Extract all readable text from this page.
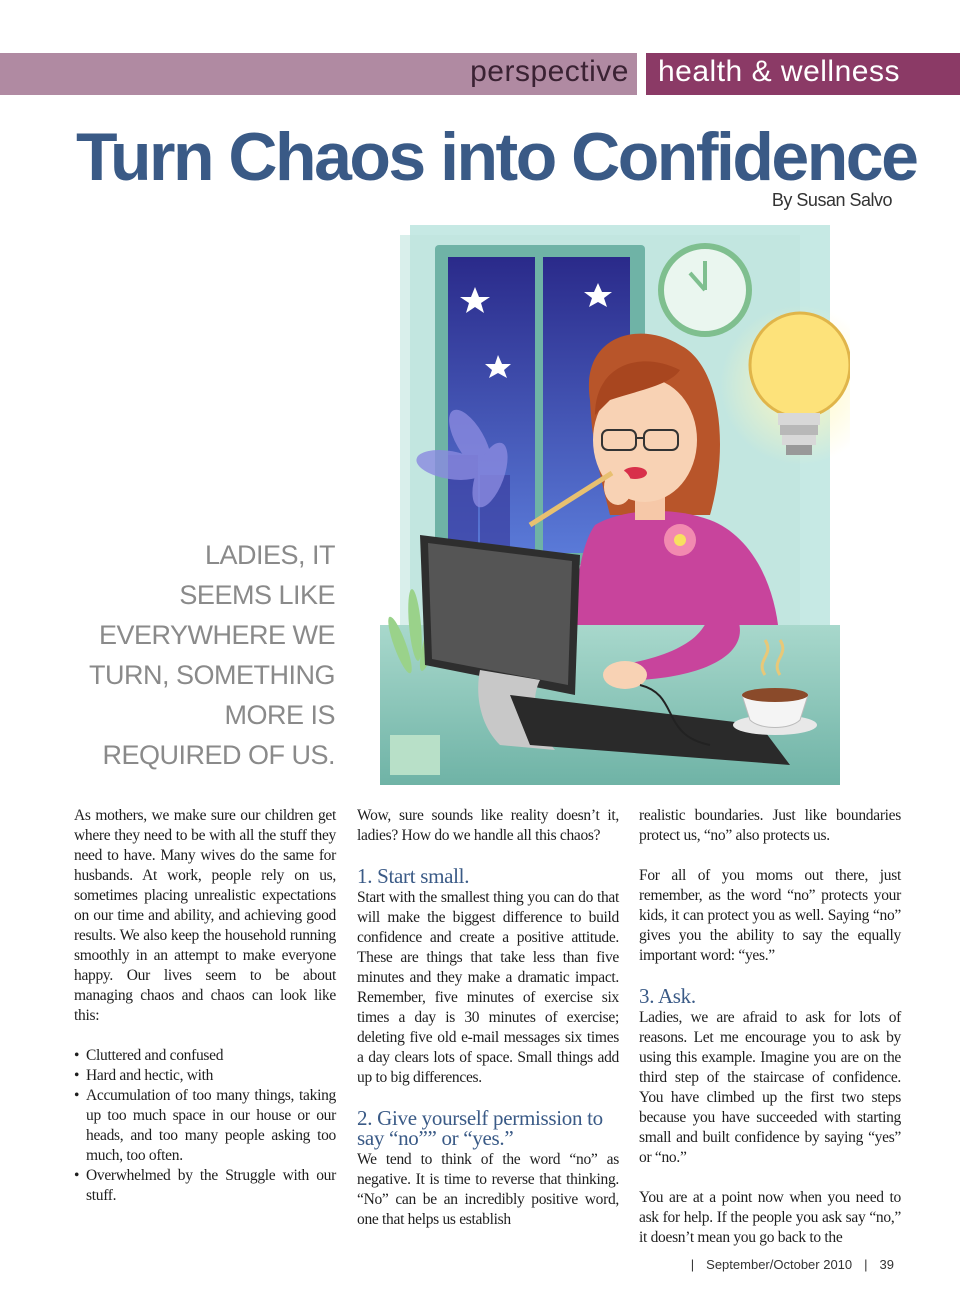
perspective health & wellness
Turn Chaos into Confidence
By Susan Salvo
LADIES, IT
SEEMS LIKE
EVERYWHERE WE
TURN, SOMETHING
MORE IS
REQUIRED OF US.

As mothers, we make sure our children get where they need to be with all the stuff they need to have. Many wives do the same for husbands. At work, people rely on us, sometimes placing unrealistic expectations on our time and ability, and achieving good results. We also keep the household running smoothly in an attempt to make everyone happy. Our lives seem to be about managing chaos and chaos can look like this:

• Cluttered and confused
• Hard and hectic, with
• Accumulation of too many things, taking up too much space in our house or our heads, and too many people asking too much, too often.
• Overwhelmed by the Struggle with our stuff.

Wow, sure sounds like reality doesn’t it, ladies? How do we handle all this chaos?

1. Start small.

Start with the smallest thing you can do that will make the biggest difference to build confidence and create a positive attitude. These are things that take less than five minutes and they make a dramatic impact. Remember, five minutes of exercise six times a day is 30 minutes of exercise; deleting five old e-mail messages six times a day clears lots of space. Small things add up to big differences.

2. Give yourself permission to say “no”” or “yes.”

We tend to think of the word “no” as negative. It is time to reverse that thinking. “No” can be an incredibly positive word, one that helps us establish

realistic boundaries. Just like boundaries protect us, “no” also protects us.

For all of you moms out there, just remember, as the word “no” protects your kids, it can protect you as well. Saying “no” gives you the ability to say the equally important word: “yes.”

3. Ask.

Ladies, we are afraid to ask for lots of reasons. Let me encourage you to ask by using this example. Imagine you are on the third step of the staircase of confidence. You have climbed up the first two steps because you have succeeded with starting small and built confidence by saying “yes” or “no.”

You are at a point now when you need to ask for help. If the people you ask say “no,” it doesn’t mean you go back to the

| September/October 2010 | 39
